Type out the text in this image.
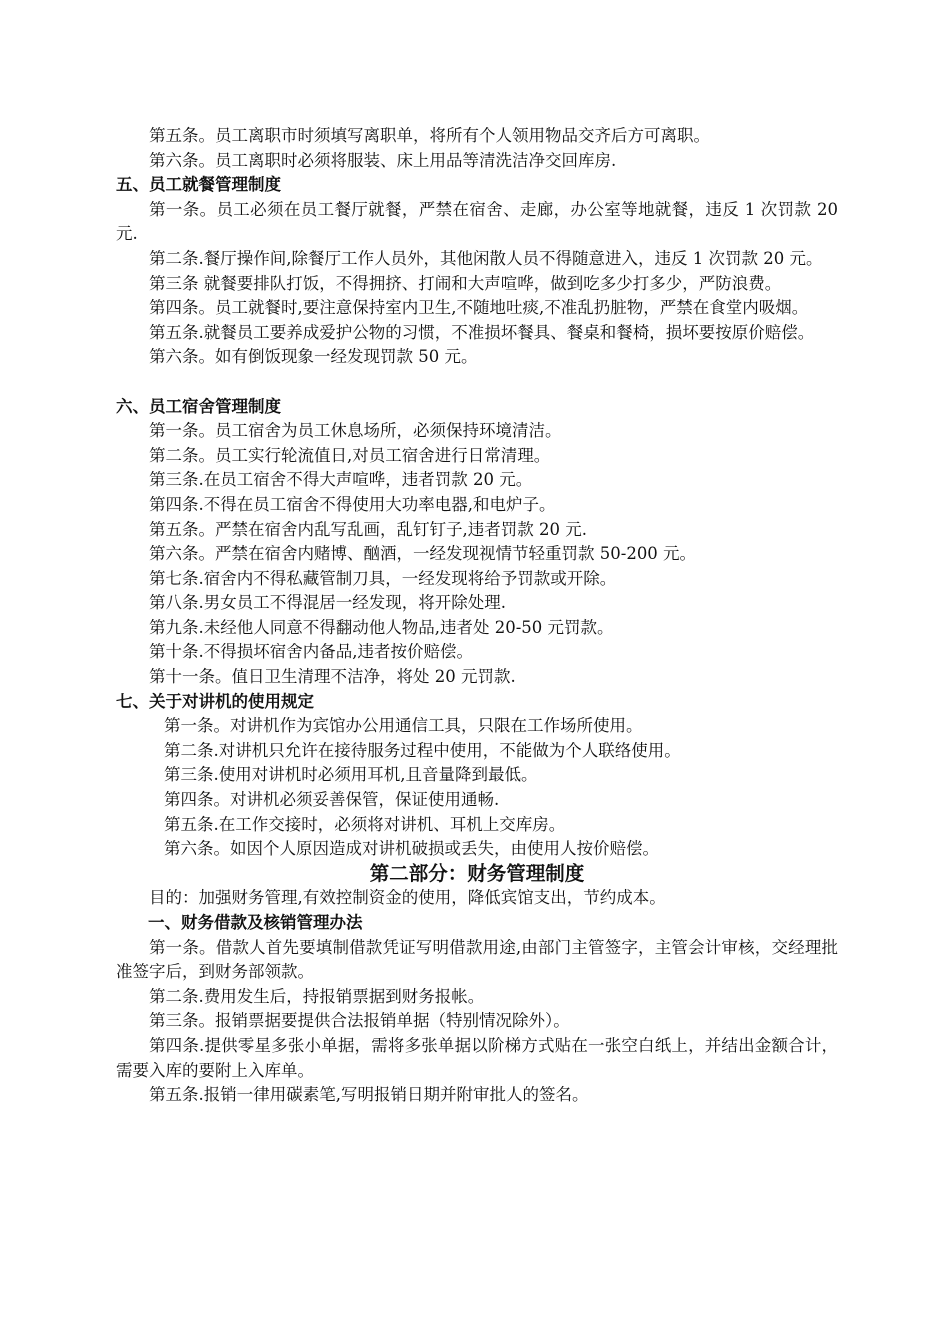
第五条。员工离职市时须填写离职单，将所有个人领用物品交齐后方可离职。

第六条。员工离职时必须将服装、床上用品等清洗洁净交回库房.

五、员工就餐管理制度

第一条。员工必须在员工餐厅就餐，严禁在宿舍、走廊，办公室等地就餐，违反 1 次罚款 20 元.

第二条.餐厅操作间,除餐厅工作人员外，其他闲散人员不得随意进入，违反 1 次罚款 20 元。

第三条 就餐要排队打饭，不得拥挤、打闹和大声喧哗，做到吃多少打多少，严防浪费。

第四条。员工就餐时,要注意保持室内卫生,不随地吐痰,不准乱扔脏物，严禁在食堂内吸烟。

第五条.就餐员工要养成爱护公物的习惯，不准损坏餐具、餐桌和餐椅，损坏要按原价赔偿。

第六条。如有倒饭现象一经发现罚款 50 元。

六、员工宿舍管理制度

第一条。员工宿舍为员工休息场所，必须保持环境清洁。

第二条。员工实行轮流值日,对员工宿舍进行日常清理。

第三条.在员工宿舍不得大声喧哗，违者罚款 20 元。

第四条.不得在员工宿舍不得使用大功率电器,和电炉子。

第五条。严禁在宿舍内乱写乱画，乱钉钉子,违者罚款 20 元.

第六条。严禁在宿舍内赌博、酗酒，一经发现视情节轻重罚款 50-200 元。

第七条.宿舍内不得私藏管制刀具，一经发现将给予罚款或开除。

第八条.男女员工不得混居一经发现，将开除处理.

第九条.未经他人同意不得翻动他人物品,违者处 20-50 元罚款。

第十条.不得损坏宿舍内备品,违者按价赔偿。

第十一条。值日卫生清理不洁净，将处 20 元罚款.

七、关于对讲机的使用规定

第一条。对讲机作为宾馆办公用通信工具，只限在工作场所使用。

第二条.对讲机只允许在接待服务过程中使用，不能做为个人联络使用。

第三条.使用对讲机时必须用耳机,且音量降到最低。

第四条。对讲机必须妥善保管，保证使用通畅.

第五条.在工作交接时，必须将对讲机、耳机上交库房。

第六条。如因个人原因造成对讲机破损或丢失，由使用人按价赔偿。

第二部分：财务管理制度

目的：加强财务管理,有效控制资金的使用，降低宾馆支出，节约成本。

一、财务借款及核销管理办法

第一条。借款人首先要填制借款凭证写明借款用途,由部门主管签字，主管会计审核，交经理批准签字后，到财务部领款。

第二条.费用发生后，持报销票据到财务报帐。

第三条。报销票据要提供合法报销单据（特别情况除外）。

第四条.提供零星多张小单据，需将多张单据以阶梯方式贴在一张空白纸上，并结出金额合计，需要入库的要附上入库单。

第五条.报销一律用碳素笔,写明报销日期并附审批人的签名。
